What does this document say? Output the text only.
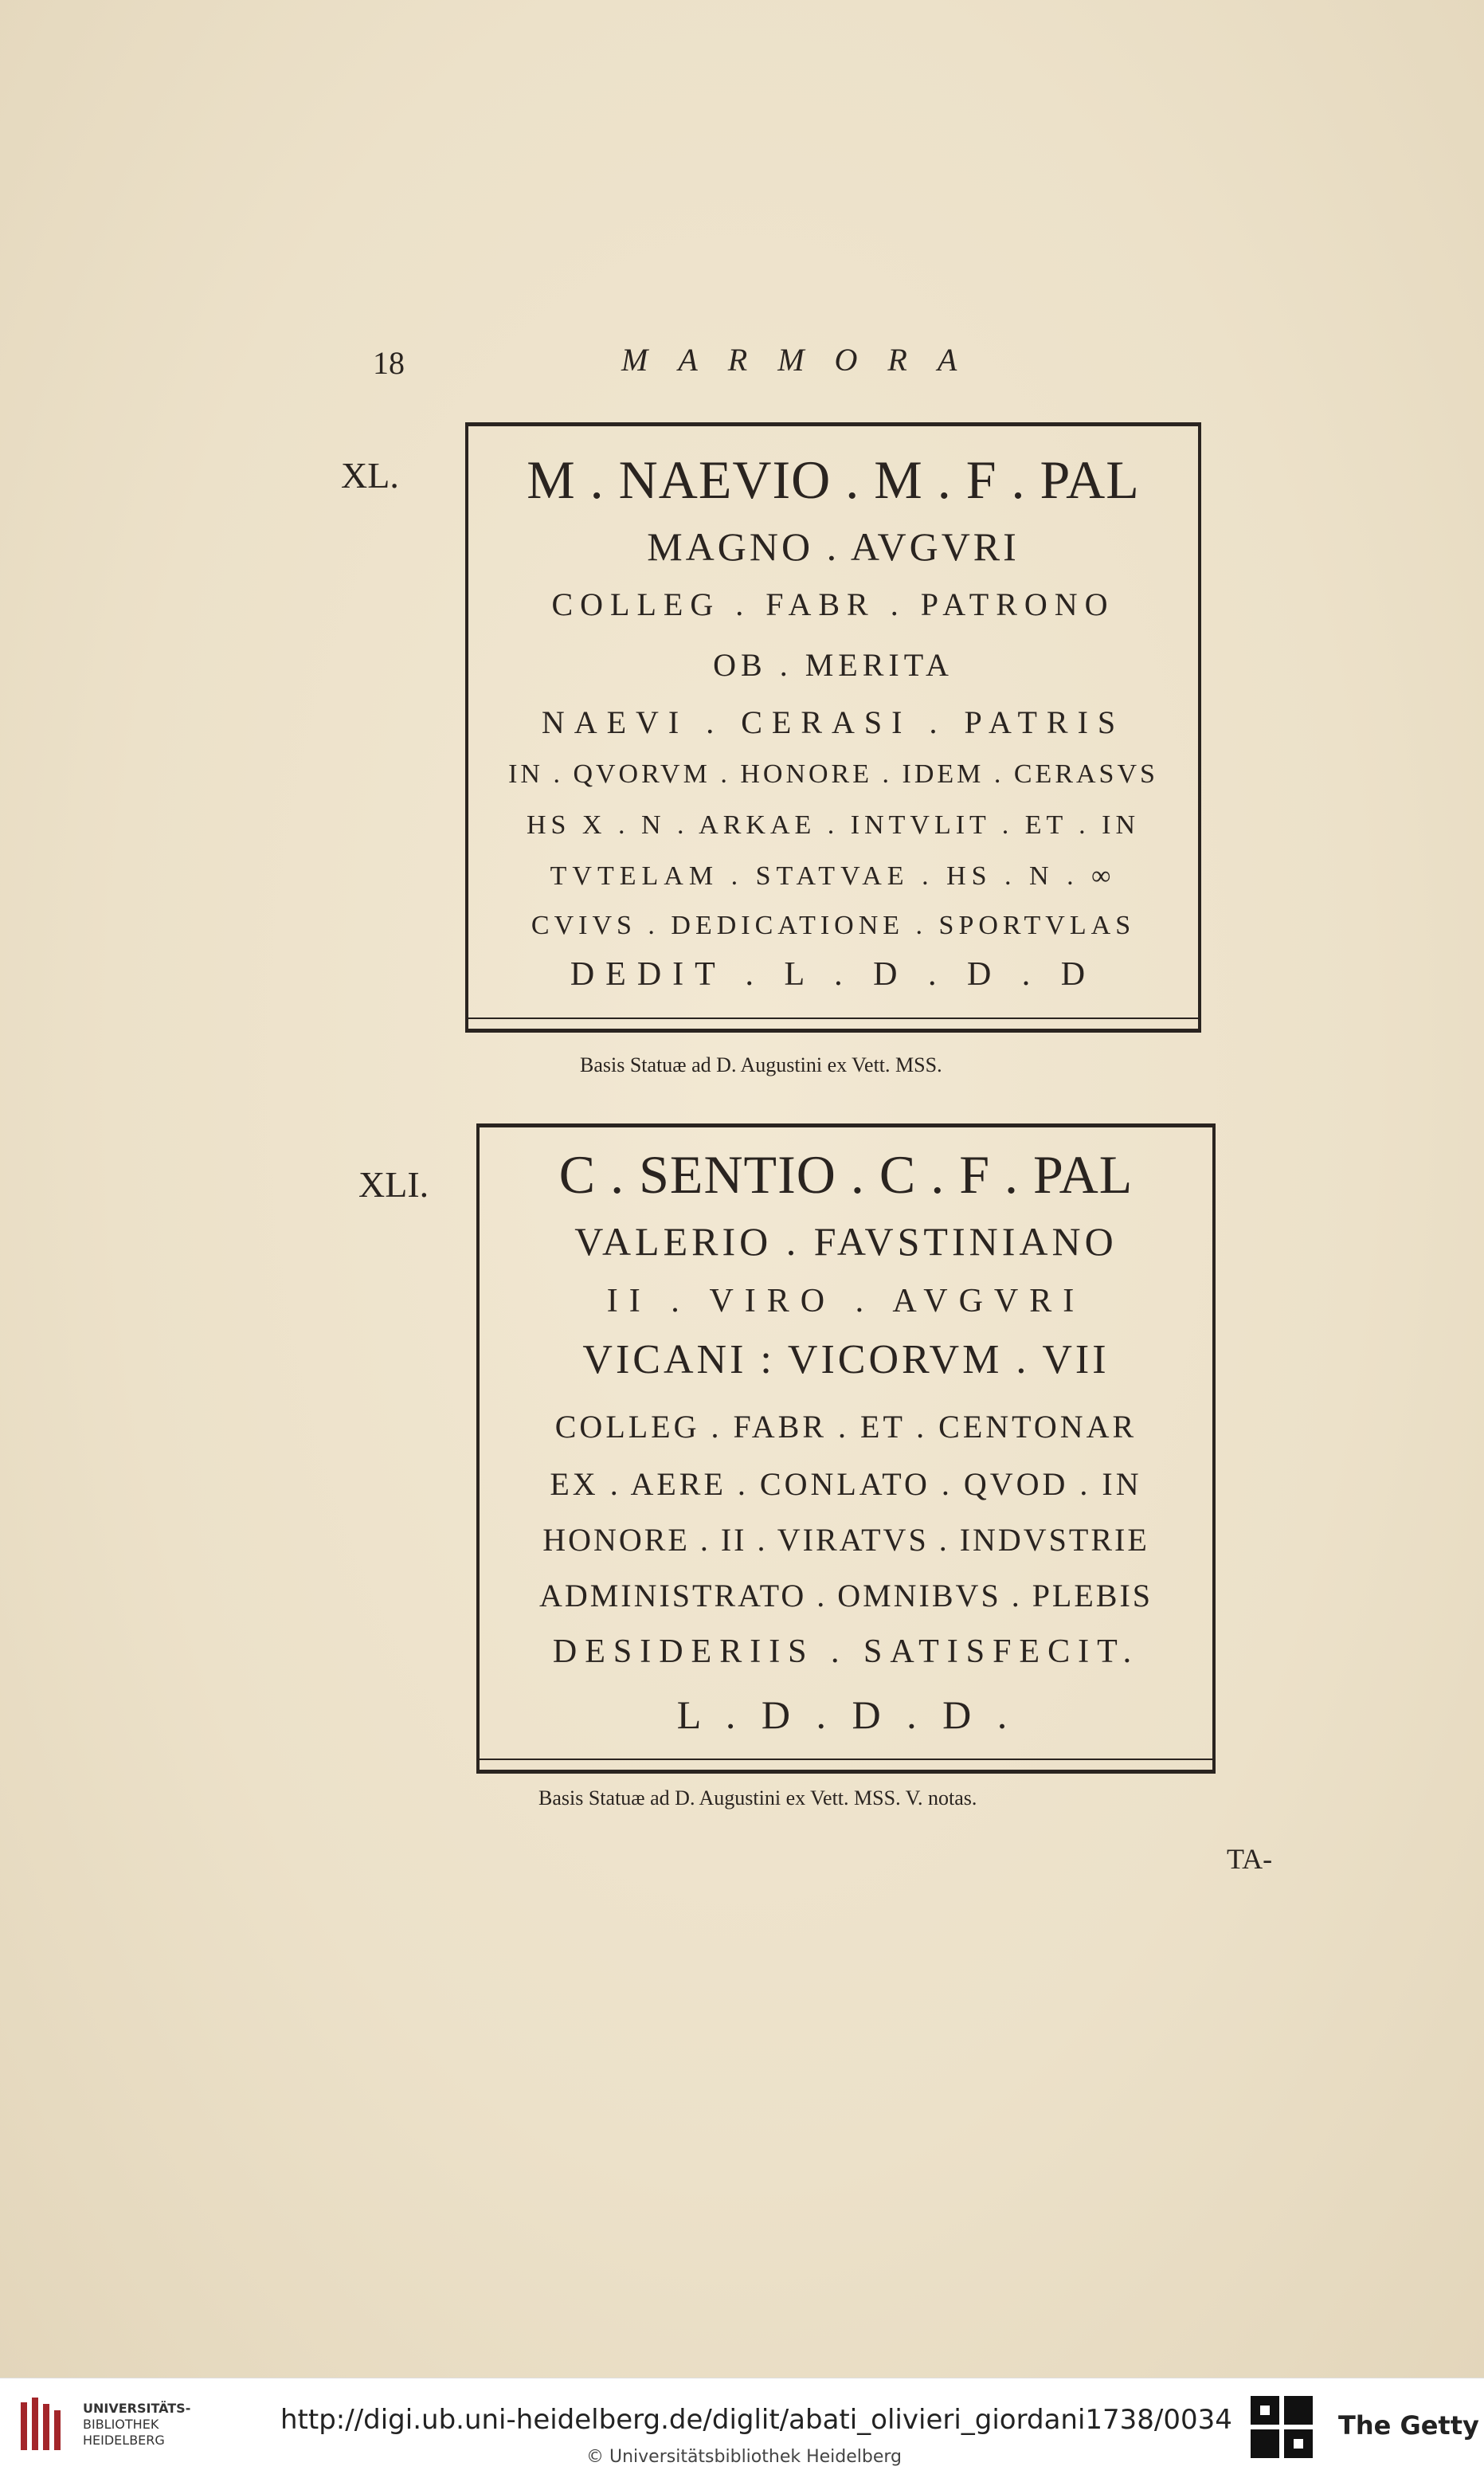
18	MARMORA
XL.	M . NAEVIO . M . F . PAL
MAGNO . AVGVRI
COLLEG . FABR . PATRONO
OB . MERITA
NAEVI . CERASI . PATRIS
IN . QVORVM . HONORE . IDEM . CERASVS
HS X . N . ARKAE . INTVLIT . ET . IN
TVTELAM . STATVAE . HS . N . ∞
CVIVS . DEDICATIONE . SPORTVLAS
DEDIT . L . D . D . D
Basis Statuæ ad D. Augustini ex Vett. MSS.
XLI.	C . SENTIO . C . F . PAL
VALERIO . FAVSTINIANO
II . VIRO . AVGVRI
VICANI : VICORVM . VII
COLLEG . FABR . ET . CENTONAR
EX . AERE . CONLATO . QVOD . IN
HONORE . II . VIRATVS . INDVSTRIE
ADMINISTRATO . OMNIBVS . PLEBIS
DESIDERIIS . SATISFECIT.
L . D . D . D .
Basis Statuæ ad D. Augustini ex Vett. MSS. V. notas.
TA-
UNIVERSITÄTS-
BIBLIOTHEK
HEIDELBERG
http://digi.ub.uni-heidelberg.de/diglit/abati_olivieri_giordani1738/0034
© Universitätsbibliothek Heidelberg
The Getty
